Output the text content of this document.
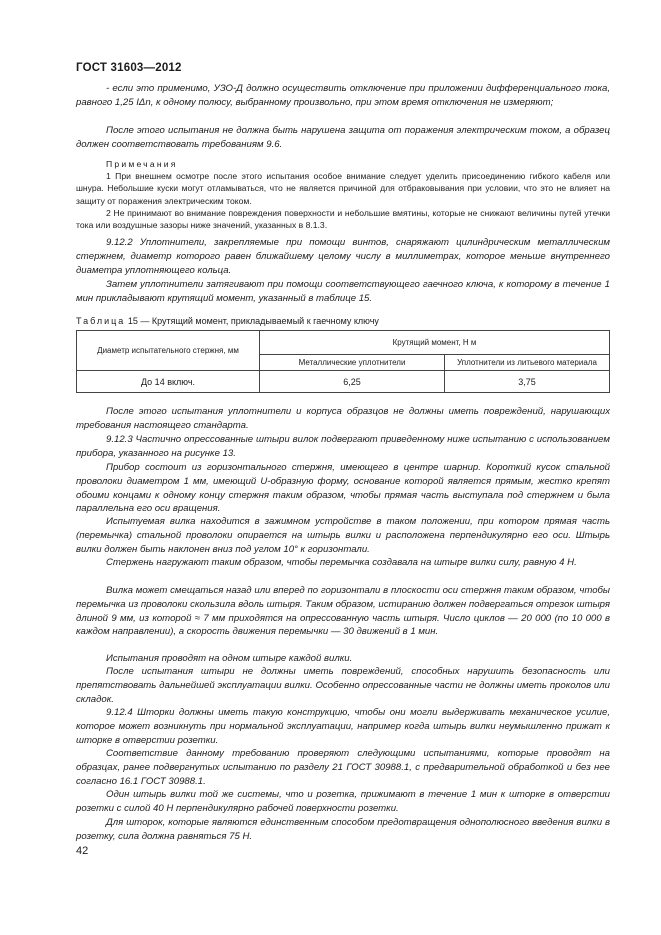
ГОСТ 31603—2012

- если это применимо, УЗО-Д должно осуществить отключение при приложении дифференциального тока, равного 1,25 IΔn, к одному полюсу, выбранному произвольно, при этом время отключения не измеряют;

После этого испытания не должна быть нарушена защита от поражения электрическим током, а образец должен соответствовать требованиям 9.6.

Примечания
1 При внешнем осмотре после этого испытания особое внимание следует уделить присоединению гибкого кабеля или шнура. Небольшие куски могут отламываться, что не является причиной для отбраковывания при условии, что это не влияет на защиту от поражения электрическим током.
2 Не принимают во внимание повреждения поверхности и небольшие вмятины, которые не снижают величины путей утечки тока или воздушные зазоры ниже значений, указанных в 8.1.3.

9.12.2 Уплотнители, закрепляемые при помощи винтов, снаряжают цилиндрическим металлическим стержнем, диаметр которого равен ближайшему целому числу в миллиметрах, которое меньше внутреннего диаметра уплотняющего кольца.

Затем уплотнители затягивают при помощи соответствующего гаечного ключа, к которому в течение 1 мин прикладывают крутящий момент, указанный в таблице 15.

Таблица 15 — Крутящий момент, прикладываемый к гаечному ключу
Диаметр испытательного стержня, мм	Крутящий момент, Н м	
	Металлические уплотнители	Уплотнители из литьевого материала
До 14 включ.	6,25	3,75

После этого испытания уплотнители и корпуса образцов не должны иметь повреждений, нарушающих требования настоящего стандарта.

9.12.3 Частично опрессованные штыри вилок подвергают приведенному ниже испытанию с использованием прибора, указанного на рисунке 13.

Прибор состоит из горизонтального стержня, имеющего в центре шарнир. Короткий кусок стальной проволоки диаметром 1 мм, имеющий U-образную форму, основание которой является прямым, жестко крепят обоими концами к одному концу стержня таким образом, чтобы прямая часть выступала под стержнем и была параллельна его оси вращения.

Испытуемая вилка находится в зажимном устройстве в таком положении, при котором прямая часть (перемычка) стальной проволоки опирается на штырь вилки и расположена перпендикулярно его оси. Штырь вилки должен быть наклонен вниз под углом 10° к горизонтали.

Стержень нагружают таким образом, чтобы перемычка создавала на штыре вилки силу, равную 4 Н.

Вилка может смещаться назад или вперед по горизонтали в плоскости оси стержня таким образом, чтобы перемычка из проволоки скользила вдоль штыря. Таким образом, истиранию должен подвергаться отрезок штыря длиной 9 мм, из которой ≈ 7 мм приходятся на опрессованную часть штыря. Число циклов — 20 000 (по 10 000 в каждом направлении), а скорость движения перемычки — 30 движений в 1 мин.

Испытания проводят на одном штыре каждой вилки.

После испытания штыри не должны иметь повреждений, способных нарушить безопасность или препятствовать дальнейшей эксплуатации вилки. Особенно опрессованные части не должны иметь проколов или складок.

9.12.4 Шторки должны иметь такую конструкцию, чтобы они могли выдерживать механическое усилие, которое может возникнуть при нормальной эксплуатации, например когда штырь вилки неумышленно прижат к шторке в отверстии розетки.

Соответствие данному требованию проверяют следующими испытаниями, которые проводят на образцах, ранее подвергнутых испытанию по разделу 21 ГОСТ 30988.1, с предварительной обработкой и без нее согласно 16.1 ГОСТ 30988.1.

Один штырь вилки той же системы, что и розетка, прижимают в течение 1 мин к шторке в отверстии розетки с силой 40 Н перпендикулярно рабочей поверхности розетки.

Для шторок, которые являются единственным способом предотвращения однополюсного введения вилки в розетку, сила должна равняться 75 Н.

42
